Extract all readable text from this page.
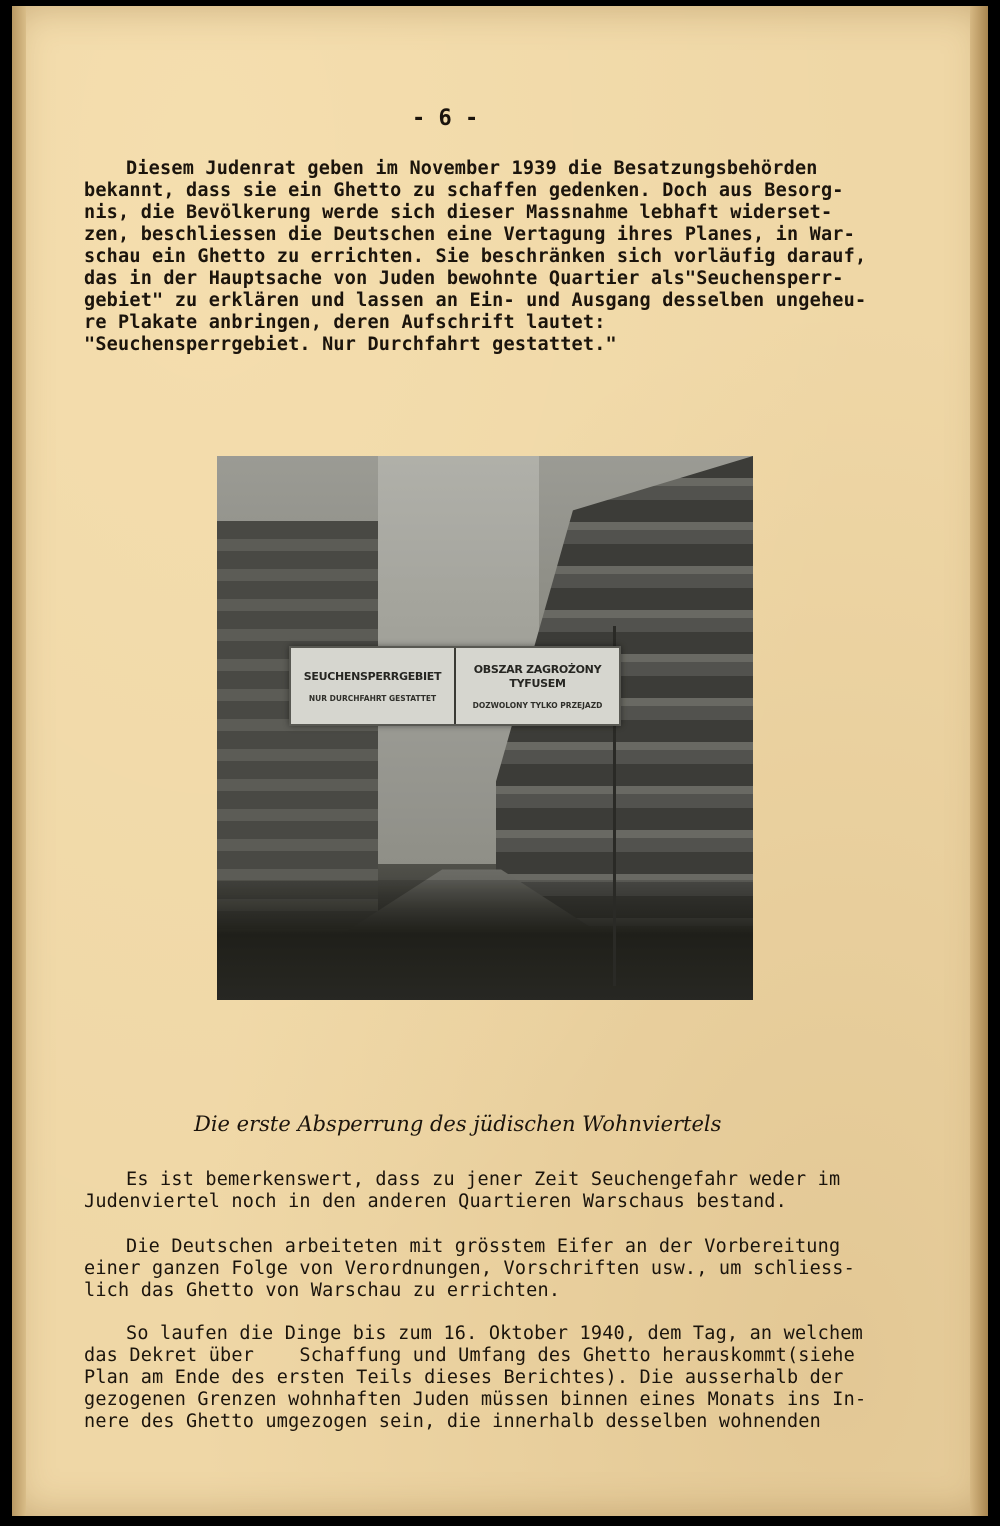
- 6 -

Diesem Judenrat geben im November 1939 die Besatzungsbehörden

bekannt, dass sie ein Ghetto zu schaffen gedenken. Doch aus Besorg-

nis, die Bevölkerung werde sich dieser Massnahme lebhaft widerset-

zen, beschliessen die Deutschen eine Vertagung ihres Planes, in War-

schau ein Ghetto zu errichten. Sie beschränken sich vorläufig darauf,

das in der Hauptsache von Juden bewohnte Quartier als"Seuchensperr-

gebiet" zu erklären und lassen an Ein- und Ausgang desselben ungeheu-

re Plakate anbringen, deren Aufschrift lautet:

"Seuchensperrgebiet. Nur Durchfahrt gestattet."

SEUCHENSPERRGEBIET
NUR DURCHFAHRT GESTATTET
OBSZAR ZAGROŻONY TYFUSEM
DOZWOLONY TYLKO PRZEJAZD

Die erste Absperrung des jüdischen Wohnviertels

Es ist bemerkenswert, dass zu jener Zeit Seuchengefahr weder im

Judenviertel noch in den anderen Quartieren Warschaus bestand.

Die Deutschen arbeiteten mit grösstem Eifer an der Vorbereitung

einer ganzen Folge von Verordnungen, Vorschriften usw., um schliess-

lich das Ghetto von Warschau zu errichten.

So laufen die Dinge bis zum 16. Oktober 1940, dem Tag, an welchem

das Dekret über    Schaffung und Umfang des Ghetto herauskommt(siehe

Plan am Ende des ersten Teils dieses Berichtes). Die ausserhalb der

gezogenen Grenzen wohnhaften Juden müssen binnen eines Monats ins In-

nere des Ghetto umgezogen sein, die innerhalb desselben wohnenden
